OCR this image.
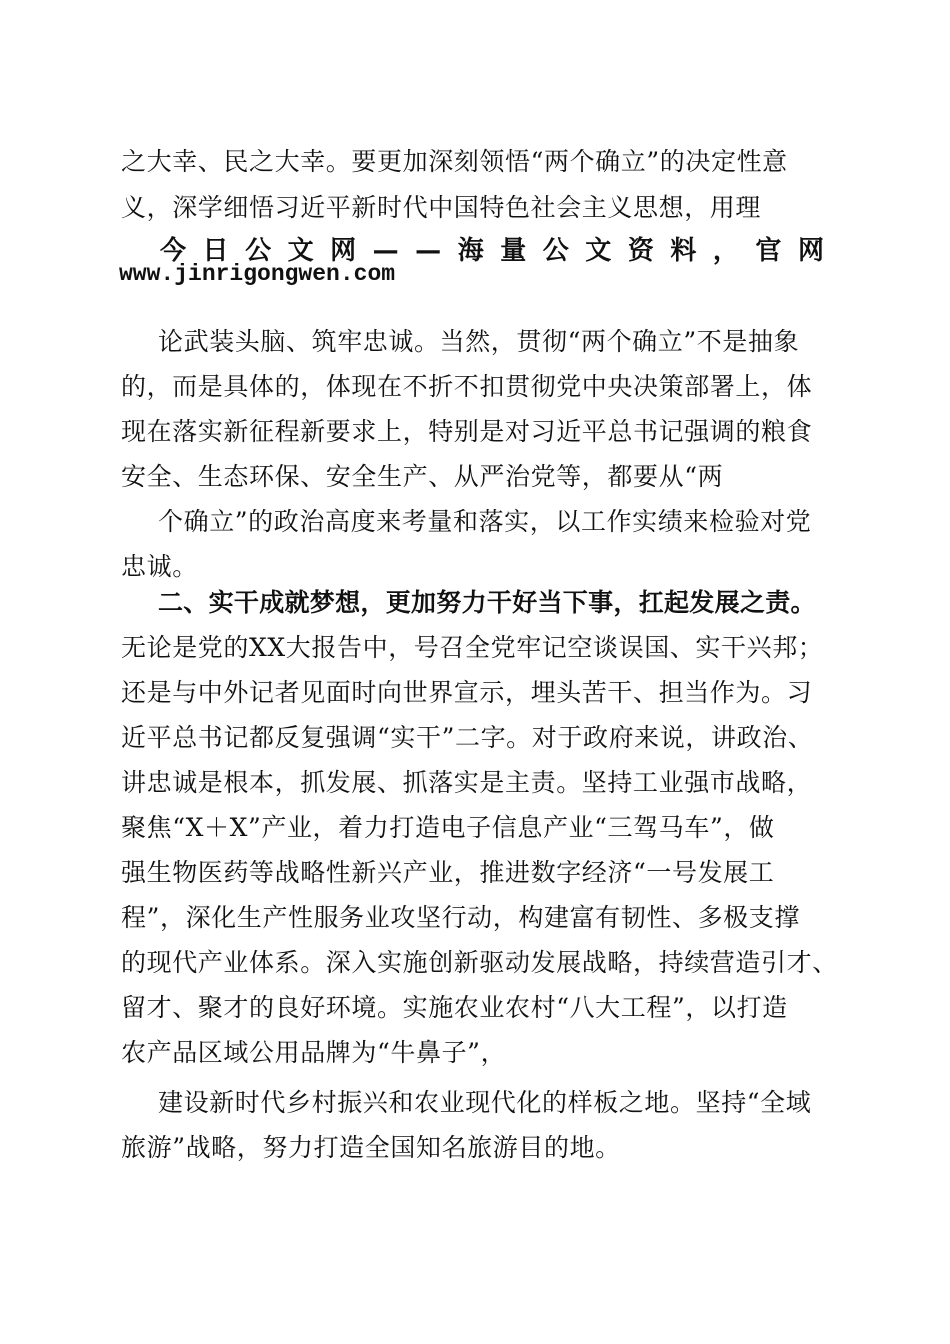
之大幸、民之大幸。要更加深刻领悟“两个确立”的决定性意

义，深学细悟习近平新时代中国特色社会主义思想，用理

今 日 公 文 网 — — 海 量 公 文 资 料 ， 官 网

www.jinrigongwen.com

论武装头脑、筑牢忠诚。当然，贯彻“两个确立”不是抽象

的，而是具体的，体现在不折不扣贯彻党中央决策部署上，体

现在落实新征程新要求上，特别是对习近平总书记强调的粮食

安全、生态环保、安全生产、从严治党等，都要从“两

个确立”的政治高度来考量和落实，以工作实绩来检验对党

忠诚。

二、实干成就梦想，更加努力干好当下事，扛起发展之责。

无论是党的XX大报告中，号召全党牢记空谈误国、实干兴邦；

还是与中外记者见面时向世界宣示，埋头苦干、担当作为。习

近平总书记都反复强调“实干”二字。对于政府来说，讲政治、

讲忠诚是根本，抓发展、抓落实是主责。坚持工业强市战略，

聚焦“X＋X”产业，着力打造电子信息产业“三驾马车”，做

强生物医药等战略性新兴产业，推进数字经济“一号发展工

程”，深化生产性服务业攻坚行动，构建富有韧性、多极支撑

的现代产业体系。深入实施创新驱动发展战略，持续营造引才、

留才、聚才的良好环境。实施农业农村“八大工程”，以打造

农产品区域公用品牌为“牛鼻子”，

建设新时代乡村振兴和农业现代化的样板之地。坚持“全域

旅游”战略，努力打造全国知名旅游目的地。
